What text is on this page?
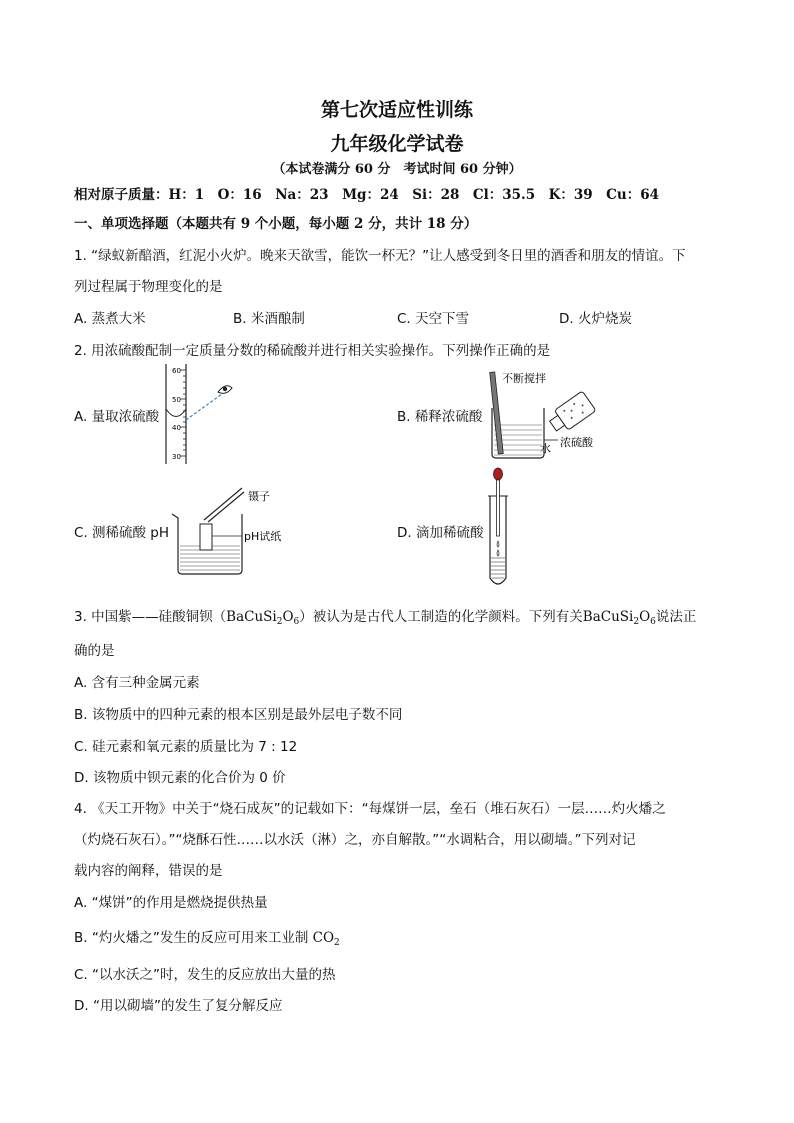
第七次适应性训练
九年级化学试卷
（本试卷满分 60 分　考试时间 60 分钟）
相对原子质量：H：1　O：16　Na：23　Mg：24　Si：28　Cl：35.5　K：39　Cu：64
一、单项选择题（本题共有 9 个小题，每小题 2 分，共计 18 分）
1. “绿蚁新醅酒，红泥小火炉。晚来天欲雪，能饮一杯无？”让人感受到冬日里的酒香和朋友的情谊。下
列过程属于物理变化的是
A. 蒸煮大米	B. 米酒酿制	C. 天空下雪	D. 火炉烧炭
2. 用浓硫酸配制一定质量分数的稀硫酸并进行相关实验操作。下列操作正确的是
A. 量取浓硫酸	B. 稀释浓硫酸
C. 测稀硫酸 pH	D. 滴加稀硫酸
60
50
40
30
不断搅拌
水 浓硫酸
镊子
pH试纸
3. 中国紫——硅酸铜钡$(BaCuSi_2O_6)$被认为是古代人工制造的化学颜料。下列有关$BaCuSi_2O_6$说法正
确的是
A. 含有三种金属元素
B. 该物质中的四种元素的根本区别是最外层电子数不同
C. 硅元素和氧元素的质量比为 7 : 12
D. 该物质中钡元素的化合价为 0 价
4. 《天工开物》中关于“烧石成灰”的记载如下：“每煤饼一层，垒石（堆石灰石）一层……灼火燔之
（灼烧石灰石）。”“烧酥石性……以水沃（淋）之，亦自解散。”“水调粘合，用以砌墙。”下列对记
载内容的阐释，错误的是
A. “煤饼”的作用是燃烧提供热量
B. “灼火燔之”发生的反应可用来工业制 $CO_2$
C. “以水沃之”时，发生的反应放出大量的热
D. “用以砌墙”的发生了复分解反应
